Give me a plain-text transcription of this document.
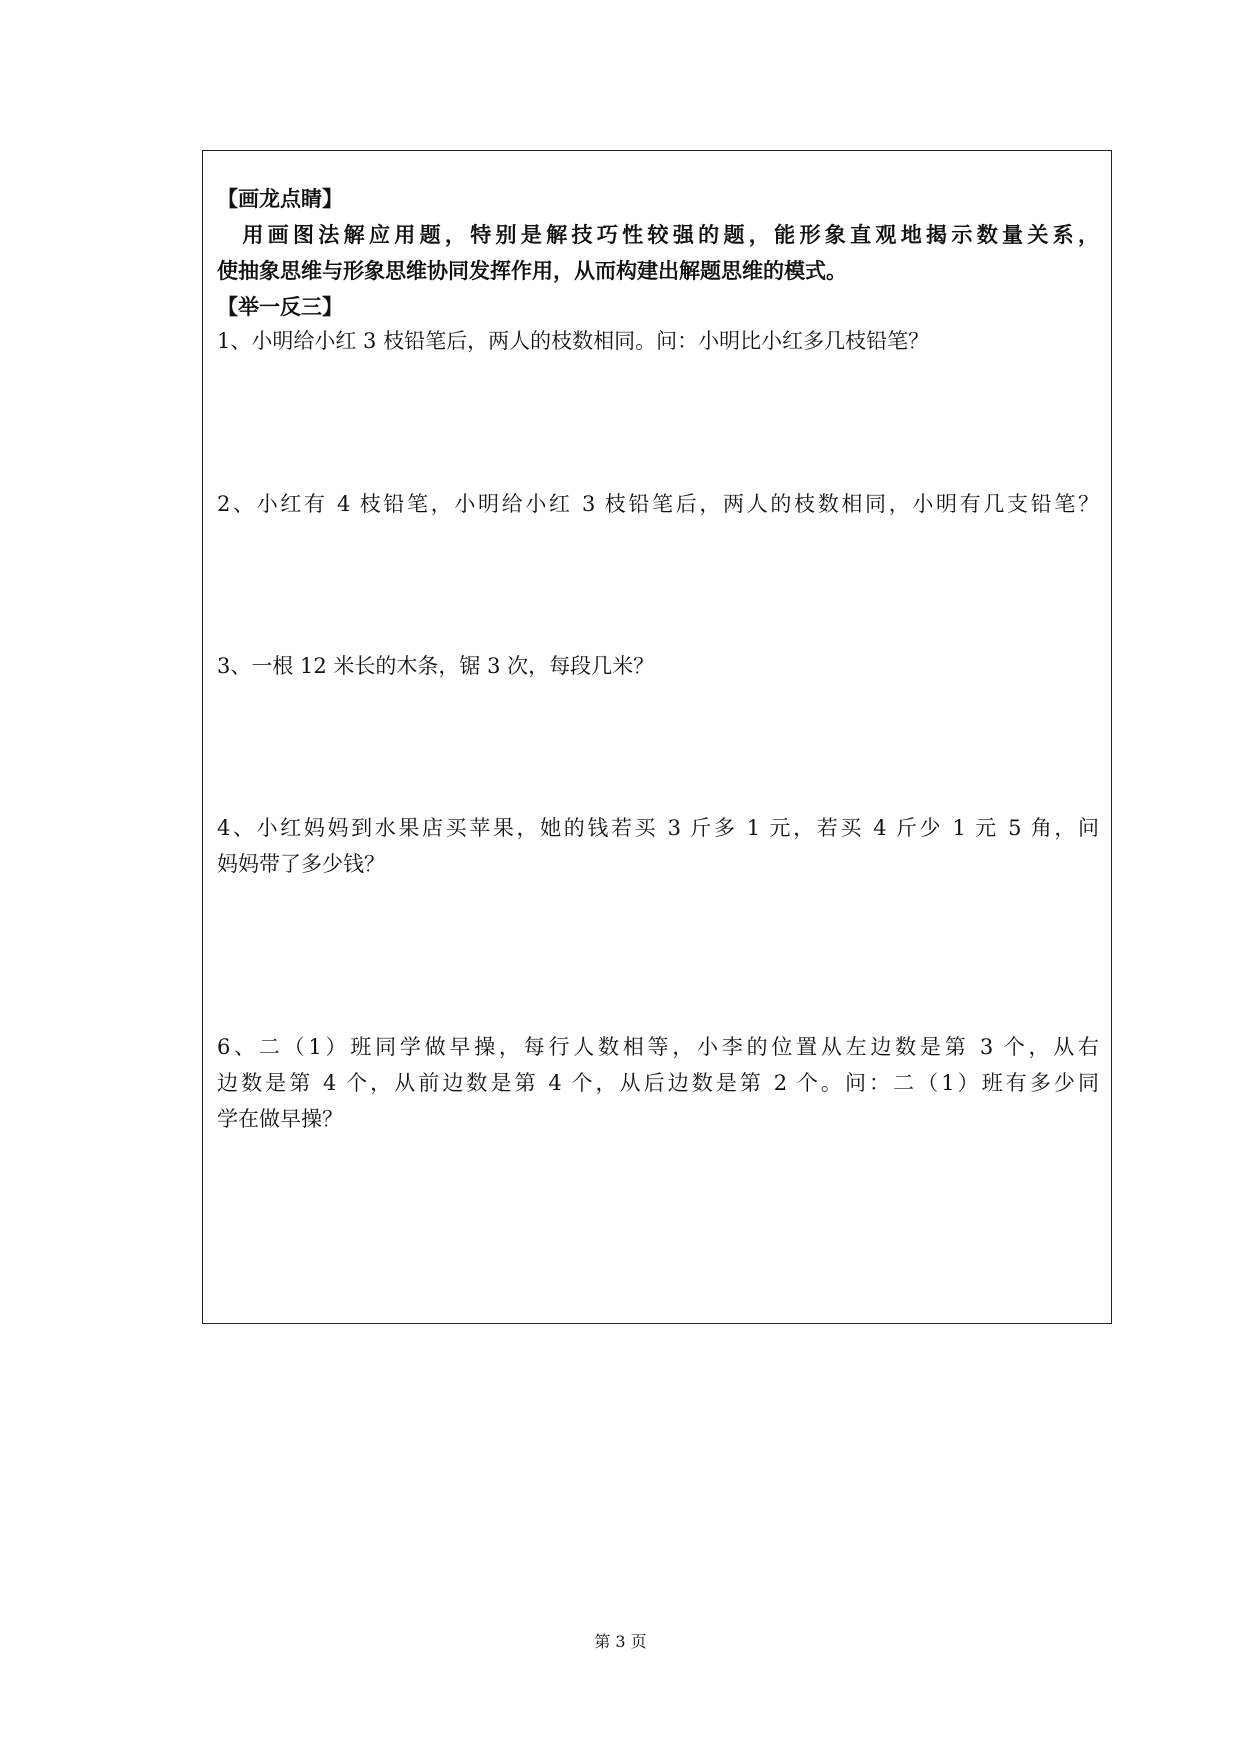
【画龙点睛】

　用画图法解应用题，特别是解技巧性较强的题，能形象直观地揭示数量关系，

使抽象思维与形象思维协同发挥作用，从而构建出解题思维的模式。

【举一反三】

1、小明给小红 3 枝铅笔后，两人的枝数相同。问：小明比小红多几枝铅笔？

2、小红有 4 枝铅笔，小明给小红 3 枝铅笔后，两人的枝数相同，小明有几支铅笔？

3、一根 12 米长的木条，锯 3 次，每段几米？

4、小红妈妈到水果店买苹果，她的钱若买 3 斤多 1 元，若买 4 斤少 1 元 5 角，问

妈妈带了多少钱？

6、二（1）班同学做早操，每行人数相等，小李的位置从左边数是第 3 个，从右

边数是第 4 个，从前边数是第 4 个，从后边数是第 2 个。问：二（1）班有多少同

学在做早操？

第 3 页
